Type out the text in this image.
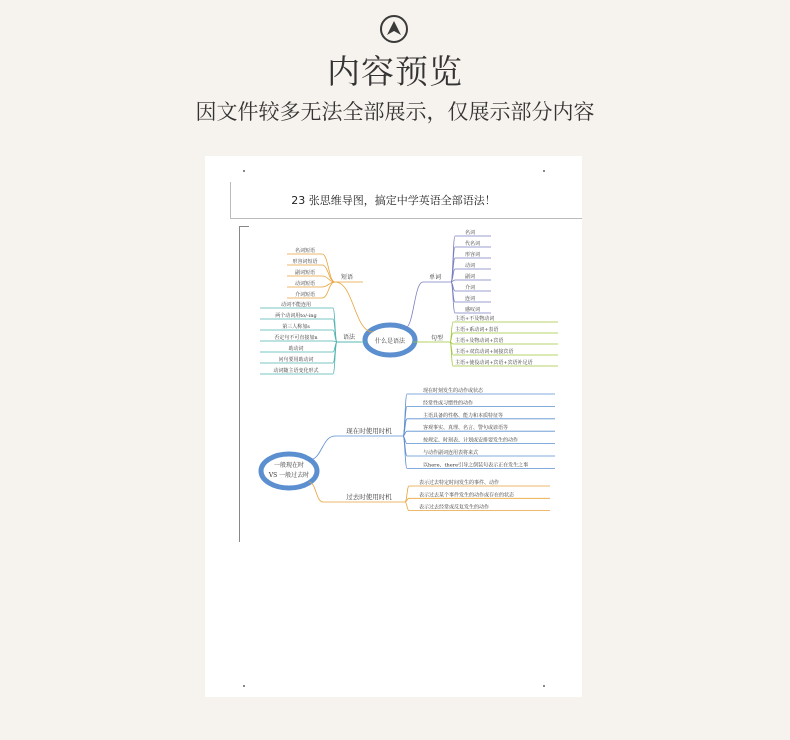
内容预览
因文件较多无法全部展示，仅展示部分内容
23 张思维导图，搞定中学英语全部语法！
什么是语法
短语
名词短语
形容词短语
副词短语
动词短语
介词短语
语法
动词不能连用
两个动词用to/-ing
第三人称加s
否定句不可直接加n
助动词
问句要用助动词
动词随主语变化形式
单词
名词
代名词
形容词
动词
副词
介词
连词
感叹词
句型
主语+不及物动词
主语+系动词+表语
主语+及物动词+宾语
主语+双宾动词+间接宾语
主语+使役动词+宾语+宾语补足语
一般现在时
VS 一般过去时
现在时使用时机
现在时刻发生的动作或状态
经常性或习惯性的动作
主语具备的性格、能力和本质特征等
客观事实、真理、名言、警句或谚语等
按规定、时刻表、计划或安排要发生的动作
与动作副词连用表将来式
以here、there引导之倒装句表示正在发生之事
过去时使用时机
表示过去特定时间发生的事件、动作
表示过去某个事件发生的动作或存在的状态
表示过去经常或反复发生的动作
